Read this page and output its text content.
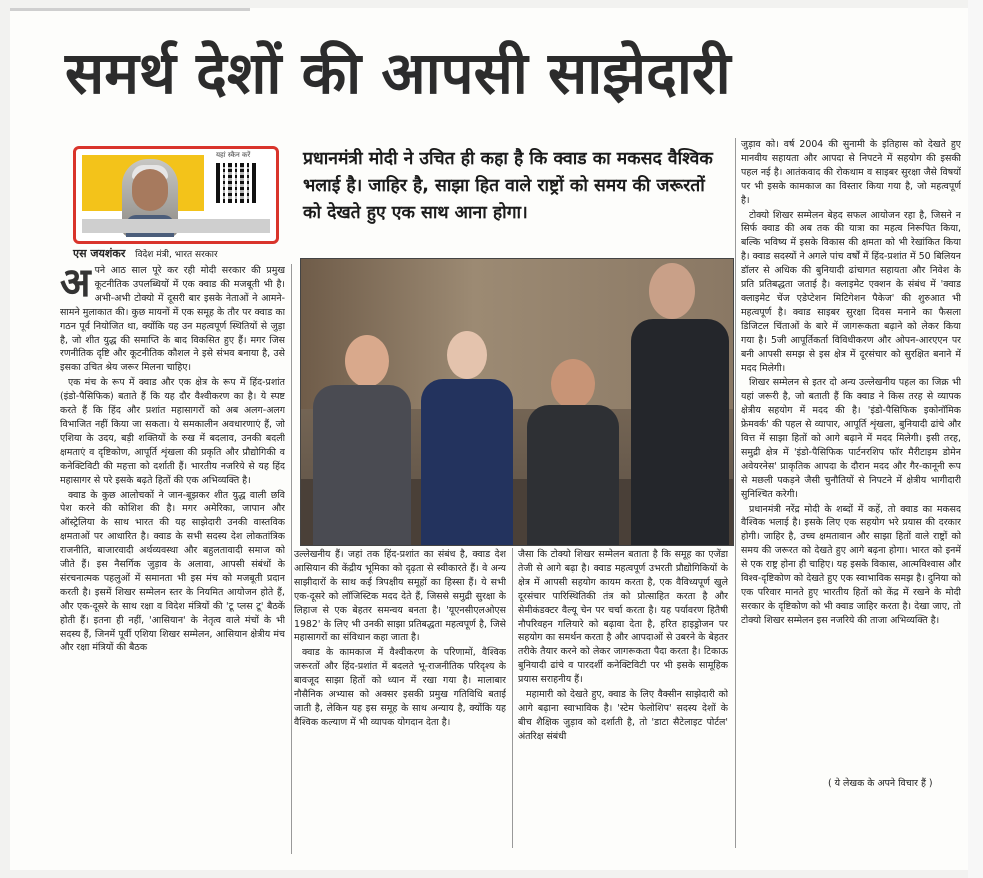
समर्थ देशों की आपसी साझेदारी
यहां स्कैन करें
एस जयशंकर विदेश मंत्री, भारत सरकार
प्रधानमंत्री मोदी ने उचित ही कहा है कि क्वाड का मकसद वैश्विक भलाई है। जाहिर है, साझा हित वाले राष्ट्रों को समय की जरूरतों को देखते हुए एक साथ आना होगा।

अपने आठ साल पूरे कर रही मोदी सरकार की प्रमुख कूटनीतिक उपलब्धियों में एक क्वाड की मजबूती भी है। अभी-अभी टोक्यो में दूसरी बार इसके नेताओं ने आमने-सामने मुलाकात की। कुछ मायनों में एक समूह के तौर पर क्वाड का गठन पूर्व नियोजित था, क्योंकि यह उन महत्वपूर्ण स्थितियों से जुड़ा है, जो शीत युद्ध की समाप्ति के बाद विकसित हुए हैं। मगर जिस रणनीतिक दृष्टि और कूटनीतिक कौशल ने इसे संभव बनाया है, उसे इसका उचित श्रेय जरूर मिलना चाहिए।

एक मंच के रूप में क्वाड और एक क्षेत्र के रूप में हिंद-प्रशांत (इंडो-पैसिफिक) बताते हैं कि यह दौर वैश्वीकरण का है। ये स्पष्ट करते हैं कि हिंद और प्रशांत महासागरों को अब अलग-अलग विभाजित नहीं किया जा सकता। ये समकालीन अवधारणाएं हैं, जो एशिया के उदय, बड़ी शक्तियों के रुख में बदलाव, उनकी बदली क्षमताएं व दृष्टिकोण, आपूर्ति शृंखला की प्रकृति और प्रौद्योगिकी व कनेक्टिविटी की महत्ता को दर्शाती हैं। भारतीय नजरिये से यह हिंद महासागर से परे इसके बढ़ते हितों की एक अभिव्यक्ति है।

क्वाड के कुछ आलोचकों ने जान-बूझकर शीत युद्ध वाली छवि पेश करने की कोशिश की है। मगर अमेरिका, जापान और ऑस्ट्रेलिया के साथ भारत की यह साझेदारी उनकी वास्तविक क्षमताओं पर आधारित है। क्वाड के सभी सदस्य देश लोकतांत्रिक राजनीति, बाजारवादी अर्थव्यवस्था और बहुलतावादी समाज को जीते हैं। इस नैसर्गिक जुड़ाव के अलावा, आपसी संबंधों के संरचनात्मक पहलुओं में समानता भी इस मंच को मजबूती प्रदान करती है। इसमें शिखर सम्मेलन स्तर के नियमित आयोजन होते हैं, और एक-दूसरे के साथ रक्षा व विदेश मंत्रियों की 'टू प्लस टू' बैठकें होती हैं। इतना ही नहीं, 'आसियान' के नेतृत्व वाले मंचों के भी सदस्य हैं, जिनमें पूर्वी एशिया शिखर सम्मेलन, आसियान क्षेत्रीय मंच और रक्षा मंत्रियों की बैठक

उल्लेखनीय हैं। जहां तक हिंद-प्रशांत का संबंध है, क्वाड देश आसियान की केंद्रीय भूमिका को दृढ़ता से स्वीकारते हैं। वे अन्य साझीदारों के साथ कई त्रिपक्षीय समूहों का हिस्सा हैं। ये सभी एक-दूसरे को लॉजिस्टिक मदद देते हैं, जिससे समुद्री सुरक्षा के लिहाज से एक बेहतर समन्वय बनता है। 'यूएनसीएलओएस 1982' के लिए भी उनकी साझा प्रतिबद्धता महत्वपूर्ण है, जिसे महासागरों का संविधान कहा जाता है।

क्वाड के कामकाज में वैश्वीकरण के परिणामों, वैश्विक जरूरतों और हिंद-प्रशांत में बदलते भू-राजनीतिक परिदृश्य के बावजूद साझा हितों को ध्यान में रखा गया है। मालाबार नौसैनिक अभ्यास को अक्सर इसकी प्रमुख गतिविधि बताई जाती है, लेकिन यह इस समूह के साथ अन्याय है, क्योंकि यह वैश्विक कल्याण में भी व्यापक योगदान देता है।

जैसा कि टोक्यो शिखर सम्मेलन बताता है कि समूह का एजेंडा तेजी से आगे बढ़ा है। क्वाड महत्वपूर्ण उभरती प्रौद्योगिकियों के क्षेत्र में आपसी सहयोग कायम करता है, एक वैविध्यपूर्ण खुले दूरसंचार पारिस्थितिकी तंत्र को प्रोत्साहित करता है और सेमीकंडक्टर वैल्यू चेन पर चर्चा करता है। यह पर्यावरण हितैषी नौपरिवहन गलियारे को बढ़ावा देता है, हरित हाइड्रोजन पर सहयोग का समर्थन करता है और आपदाओं से उबरने के बेहतर तरीके तैयार करने को लेकर जागरूकता पैदा करता है। टिकाऊ बुनियादी ढांचे व पारदर्शी कनेक्टिविटी पर भी इसके सामूहिक प्रयास सराहनीय हैं।

महामारी को देखते हुए, क्वाड के लिए वैक्सीन साझेदारी को आगे बढ़ाना स्वाभाविक है। 'स्टेम फेलोशिप' सदस्य देशों के बीच शैक्षिक जुड़ाव को दर्शाती है, तो 'डाटा सैटेलाइट पोर्टल' अंतरिक्ष संबंधी

जुड़ाव को। वर्ष 2004 की सुनामी के इतिहास को देखते हुए मानवीय सहायता और आपदा से निपटने में सहयोग की इसकी पहल नई है। आतंकवाद की रोकथाम व साइबर सुरक्षा जैसे विषयों पर भी इसके कामकाज का विस्तार किया गया है, जो महत्वपूर्ण है।

टोक्यो शिखर सम्मेलन बेहद सफल आयोजन रहा है, जिसने न सिर्फ क्वाड की अब तक की यात्रा का महत्व निरूपित किया, बल्कि भविष्य में इसके विकास की क्षमता को भी रेखांकित किया है। क्वाड सदस्यों ने अगले पांच वर्षों में हिंद-प्रशांत में 50 बिलियन डॉलर से अधिक की बुनियादी ढांचागत सहायता और निवेश के प्रति प्रतिबद्धता जताई है। क्लाइमेट एक्शन के संबंध में 'क्वाड क्लाइमेट चेंज एडेप्टेशन मिटिगेशन पैकेज' की शुरुआत भी महत्वपूर्ण है। क्वाड साइबर सुरक्षा दिवस मनाने का फैसला डिजिटल चिंताओं के बारे में जागरूकता बढ़ाने को लेकर किया गया है। 5जी आपूर्तिकर्ता विविधीकरण और ओपन-आरएएन पर बनी आपसी समझ से इस क्षेत्र में दूरसंचार को सुरक्षित बनाने में मदद मिलेगी।

शिखर सम्मेलन से इतर दो अन्य उल्लेखनीय पहल का जिक्र भी यहां जरूरी है, जो बताती हैं कि क्वाड ने किस तरह से व्यापक क्षेत्रीय सहयोग में मदद की है। 'इंडो-पैसिफिक इकोनॉमिक फ्रेमवर्क' की पहल से व्यापार, आपूर्ति शृंखला, बुनियादी ढांचे और वित्त में साझा हितों को आगे बढ़ाने में मदद मिलेगी। इसी तरह, समुद्री क्षेत्र में 'इंडो-पैसिफिक पार्टनरशिप फॉर मैरीटाइम डोमेन अवेयरनेस' प्राकृतिक आपदा के दौरान मदद और गैर-कानूनी रूप से मछली पकड़ने जैसी चुनौतियों से निपटने में क्षेत्रीय भागीदारी सुनिश्चित करेगी।

प्रधानमंत्री नरेंद्र मोदी के शब्दों में कहें, तो क्वाड का मकसद वैश्विक भलाई है। इसके लिए एक सहयोग भरे प्रयास की दरकार होगी। जाहिर है, उच्च क्षमतावान और साझा हितों वाले राष्ट्रों को समय की जरूरत को देखते हुए आगे बढ़ना होगा। भारत को इनमें से एक राष्ट्र होना ही चाहिए। यह इसके विकास, आत्मविश्वास और विश्व-दृष्टिकोण को देखते हुए एक स्वाभाविक समझ है। दुनिया को एक परिवार मानते हुए भारतीय हितों को केंद्र में रखने के मोदी सरकार के दृष्टिकोण को भी क्वाड जाहिर करता है। देखा जाए, तो टोक्यो शिखर सम्मेलन इस नजरिये की ताजा अभिव्यक्ति है।

( ये लेखक के अपने विचार हैं )
